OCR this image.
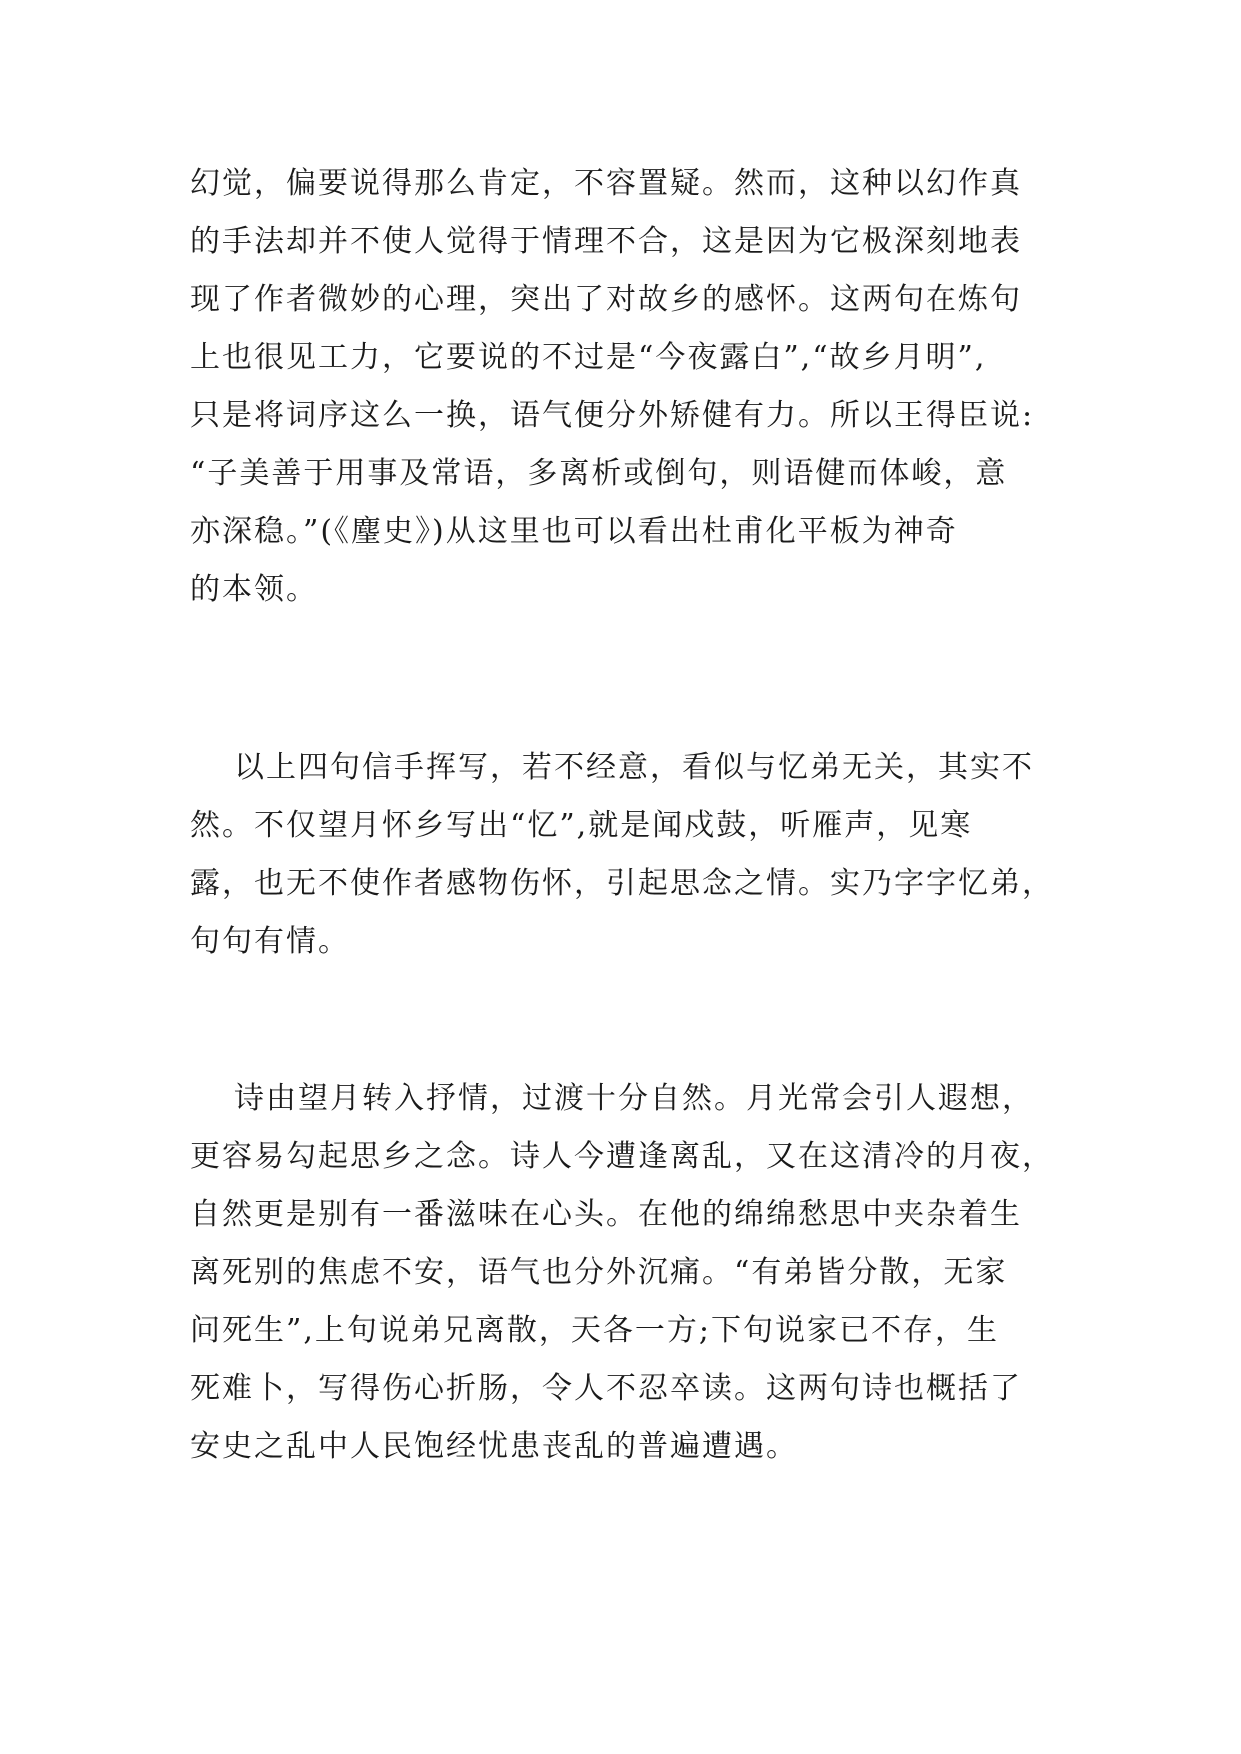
幻觉，偏要说得那么肯定，不容置疑。然而，这种以幻作真
的手法却并不使人觉得于情理不合，这是因为它极深刻地表
现了作者微妙的心理，突出了对故乡的感怀。这两句在炼句
上也很见工力，它要说的不过是“今夜露白”,“故乡月明”,
只是将词序这么一换，语气便分外矫健有力。所以王得臣说:
“子美善于用事及常语，多离析或倒句，则语健而体峻，意
亦深稳。”(《麈史》)从这里也可以看出杜甫化平板为神奇
的本领。
以上四句信手挥写，若不经意，看似与忆弟无关，其实不
然。不仅望月怀乡写出“忆”,就是闻戍鼓，听雁声，见寒
露，也无不使作者感物伤怀，引起思念之情。实乃字字忆弟，
句句有情。
诗由望月转入抒情，过渡十分自然。月光常会引人遐想，
更容易勾起思乡之念。诗人今遭逢离乱，又在这清冷的月夜，
自然更是别有一番滋味在心头。在他的绵绵愁思中夹杂着生
离死别的焦虑不安，语气也分外沉痛。“有弟皆分散，无家
问死生”,上句说弟兄离散，天各一方;下句说家已不存，生
死难卜，写得伤心折肠，令人不忍卒读。这两句诗也概括了
安史之乱中人民饱经忧患丧乱的普遍遭遇。
